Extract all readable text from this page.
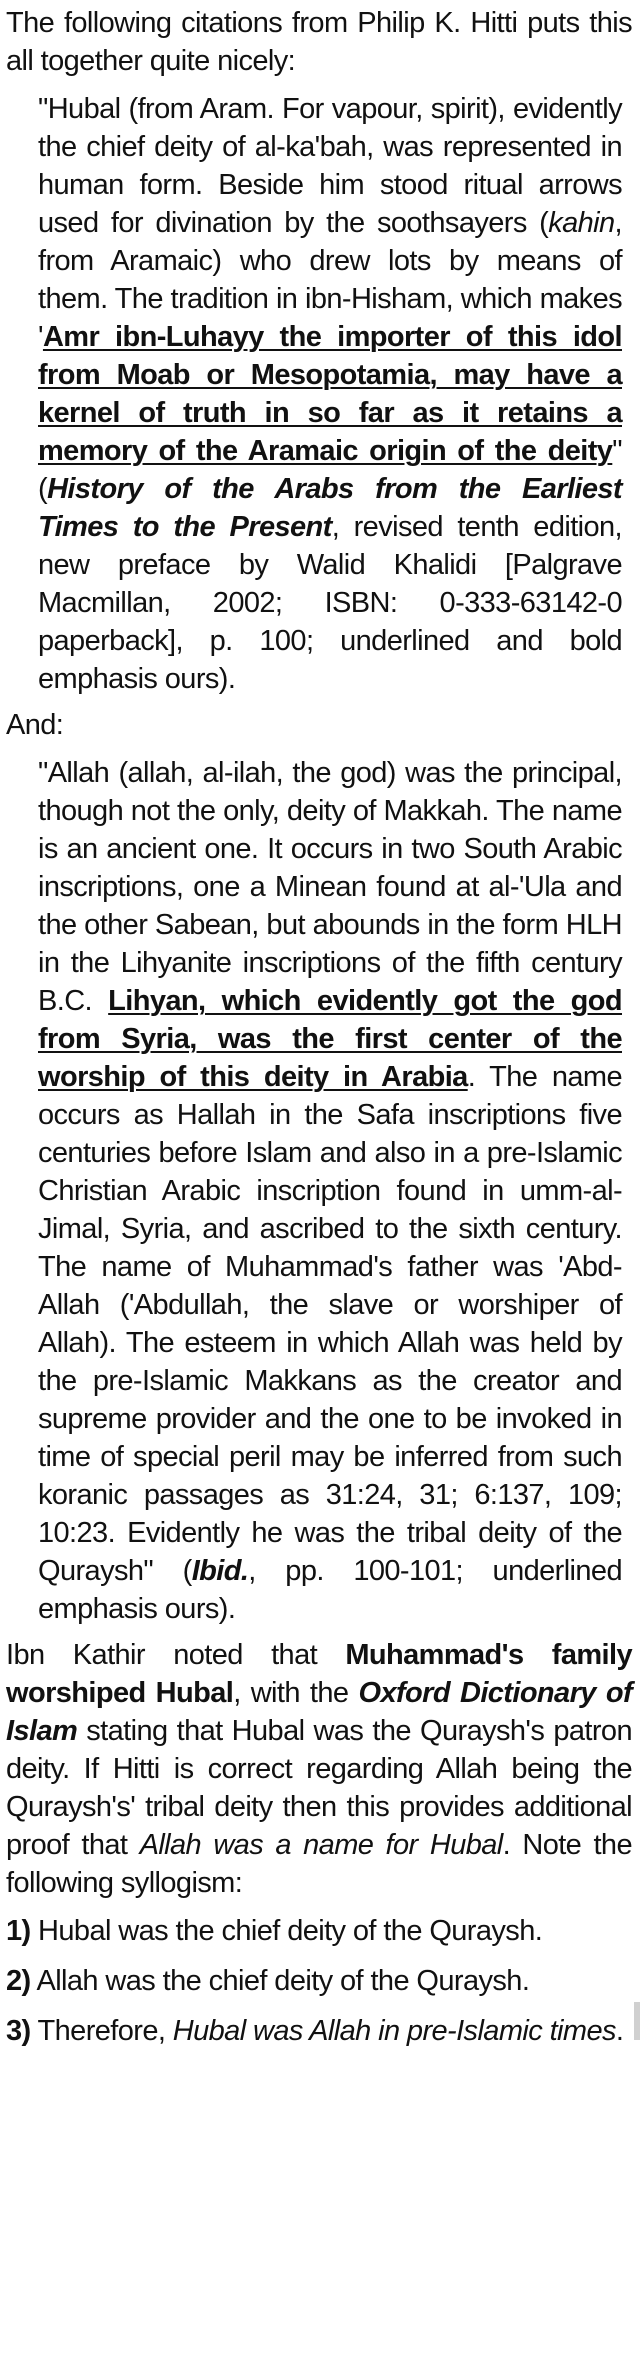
The following citations from Philip K. Hitti puts this all together quite nicely:

"Hubal (from Aram. For vapour, spirit), evidently the chief deity of al-ka'bah, was represented in human form. Beside him stood ritual arrows used for divination by the soothsayers (kahin, from Aramaic) who drew lots by means of them. The tradition in ibn-Hisham, which makes 'Amr ibn-Luhayy the importer of this idol from Moab or Mesopotamia, may have a kernel of truth in so far as it retains a memory of the Aramaic origin of the deity" (History of the Arabs from the Earliest Times to the Present, revised tenth edition, new preface by Walid Khalidi [Palgrave Macmillan, 2002; ISBN: 0-333-63142-0 paperback], p. 100; underlined and bold emphasis ours).

And:

"Allah (allah, al-ilah, the god) was the principal, though not the only, deity of Makkah. The name is an ancient one. It occurs in two South Arabic inscriptions, one a Minean found at al-'Ula and the other Sabean, but abounds in the form HLH in the Lihyanite inscriptions of the fifth century B.C. Lihyan, which evidently got the god from Syria, was the first center of the worship of this deity in Arabia. The name occurs as Hallah in the Safa inscriptions five centuries before Islam and also in a pre-Islamic Christian Arabic inscription found in umm-al-Jimal, Syria, and ascribed to the sixth century. The name of Muhammad's father was 'Abd-Allah ('Abdullah, the slave or worshiper of Allah). The esteem in which Allah was held by the pre-Islamic Makkans as the creator and supreme provider and the one to be invoked in time of special peril may be inferred from such koranic passages as 31:24, 31; 6:137, 109; 10:23. Evidently he was the tribal deity of the Quraysh" (Ibid., pp. 100-101; underlined emphasis ours).

Ibn Kathir noted that Muhammad's family worshiped Hubal, with the Oxford Dictionary of Islam stating that Hubal was the Quraysh's patron deity. If Hitti is correct regarding Allah being the Quraysh's' tribal deity then this provides additional proof that Allah was a name for Hubal. Note the following syllogism:

1) Hubal was the chief deity of the Quraysh.

2) Allah was the chief deity of the Quraysh.

3) Therefore, Hubal was Allah in pre-Islamic times.
